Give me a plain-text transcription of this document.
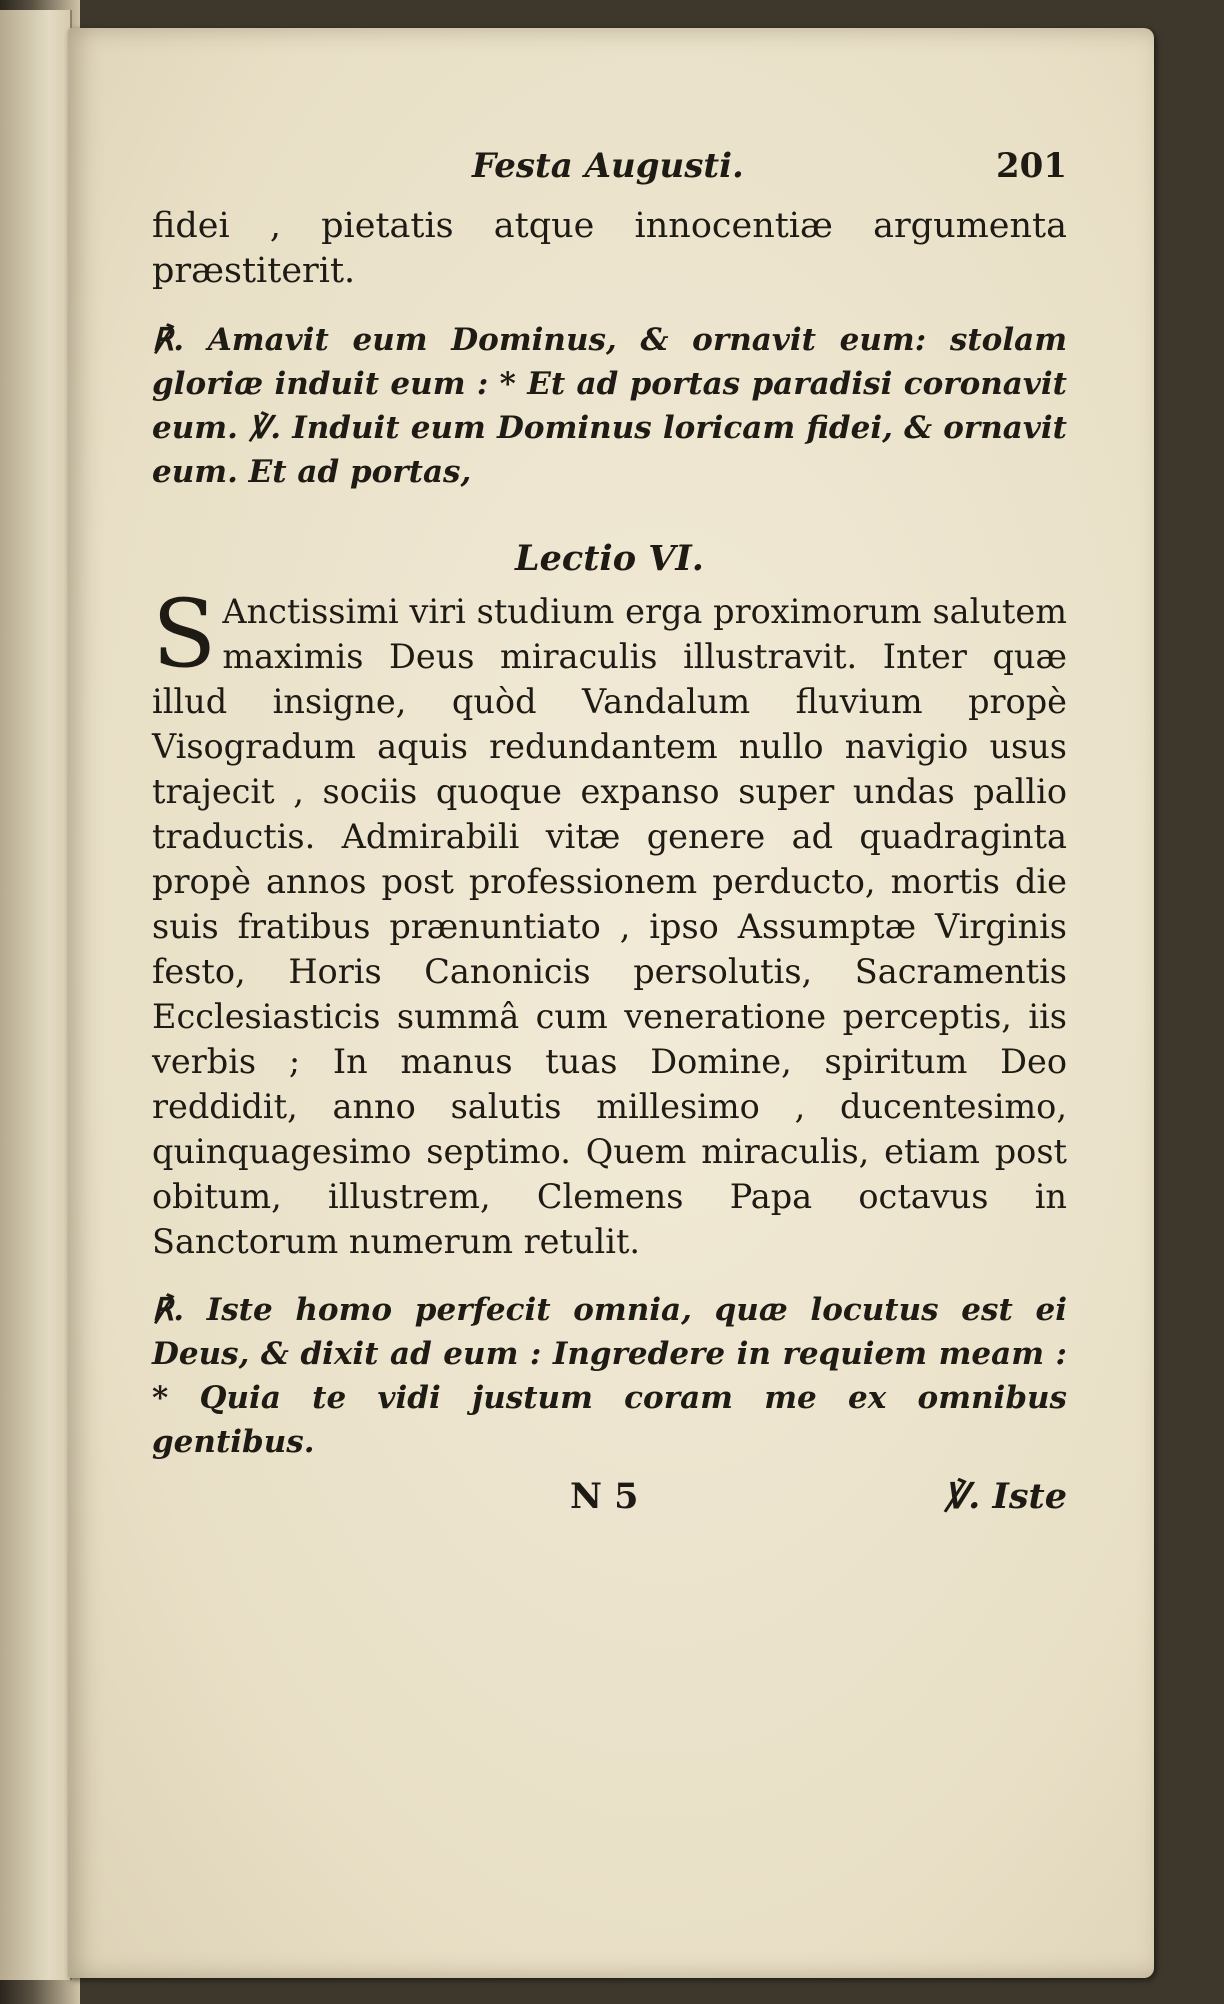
Festa Augusti.	201

fidei , pietatis atque innocentiæ argumenta præstiterit.

℟. Amavit eum Dominus, & ornavit eum: stolam gloriæ induit eum : * Et ad portas paradisi coronavit eum. ℣. Induit eum Dominus loricam fidei, & ornavit eum. Et ad portas,

Lectio VI.

S Anctissimi viri studium erga proximorum salutem maximis Deus miraculis illustravit. Inter quæ illud insigne, quòd Vandalum fluvium propè Visogradum aquis redundantem nullo navigio usus trajecit , sociis quoque expanso super undas pallio traductis. Admirabili vitæ genere ad quadraginta propè annos post professionem perducto, mortis die suis fratibus prænuntiato , ipso Assumptæ Virginis festo, Horis Canonicis persolutis, Sacramentis Ecclesiasticis summâ cum veneratione perceptis, iis verbis ; In manus tuas Domine, spiritum Deo reddidit, anno salutis millesimo , ducentesimo, quinquagesimo septimo. Quem miraculis, etiam post obitum, illustrem, Clemens Papa octavus in Sanctorum numerum retulit.

℟. Iste homo perfecit omnia, quæ locutus est ei Deus, & dixit ad eum : Ingredere in requiem meam : * Quia te vidi justum coram me ex omnibus gentibus.

N 5	℣. Iste
